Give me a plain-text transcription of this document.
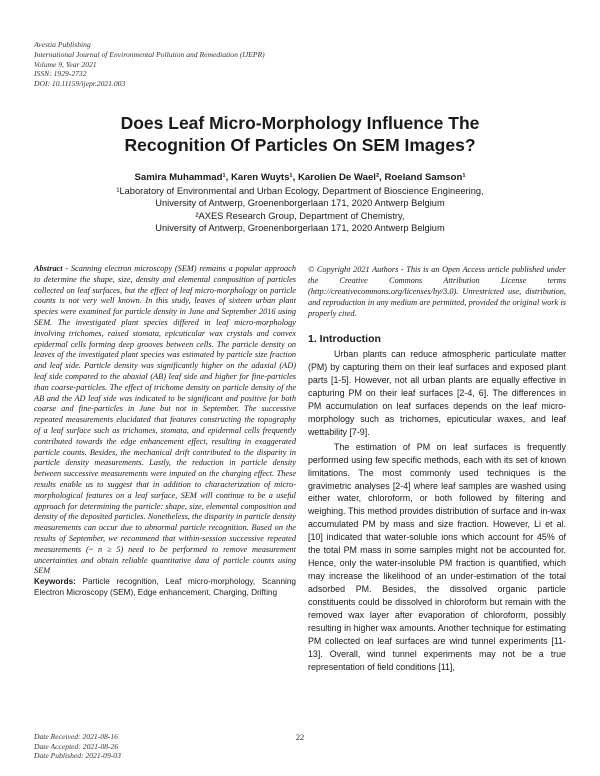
Avestia Publishing
International Journal of Environmental Pollution and Remediation (IJEPR)
Volume 9, Year 2021
ISSN: 1929-2732
DOI: 10.11159/ijepr.2021.003
Does Leaf Micro-Morphology Influence The
Recognition Of Particles On SEM Images?
Samira Muhammad¹, Karen Wuyts¹, Karolien De Wael², Roeland Samson¹
¹Laboratory of Environmental and Urban Ecology, Department of Bioscience Engineering,
University of Antwerp, Groenenborgerlaan 171, 2020 Antwerp Belgium
²AXES Research Group, Department of Chemistry,
University of Antwerp, Groenenborgerlaan 171, 2020 Antwerp Belgium
Abstract - Scanning electron microscopy (SEM) remains a popular approach to determine the shape, size, density and elemental composition of particles collected on leaf surfaces, but the effect of leaf micro-morphology on particle counts is not very well known. In this study, leaves of sixteen urban plant species were examined for particle density in June and September 2016 using SEM. The investigated plant species differed in leaf micro-morphology involving trichomes, raised stomata, epicuticular wax crystals and convex epidermal cells forming deep grooves between cells. The particle density on leaves of the investigated plant species was estimated by particle size fraction and leaf side. Particle density was significantly higher on the adaxial (AD) leaf side compared to the abaxial (AB) leaf side and higher for fine-particles than coarse-particles. The effect of trichome density on particle density of the AB and the AD leaf side was indicated to be significant and positive for both coarse and fine-particles in June but not in September. The successive repeated measurements elucidated that features constructing the topography of a leaf surface such as trichomes, stomata, and epidermal cells frequently contributed towards the edge enhancement effect, resulting in exaggerated particle counts. Besides, the mechanical drift contributed to the disparity in particle density measurements. Lastly, the reduction in particle density between successive measurements were imputed on the charging effect. These results enable us to suggest that in addition to characterization of micro-morphological features on a leaf surface, SEM will continue to be a useful approach for determining the particle: shape, size, elemental composition and density of the deposited particles. Nonetheless, the disparity in particle density measurements can occur due to abnormal particle recognition. Based on the results of September, we recommend that within-session successive repeated measurements (~ n ≥ 5) need to be performed to remove measurement uncertainties and obtain reliable quantitative data of particle counts using SEM
Keywords: Particle recognition, Leaf micro-morphology, Scanning Electron Microscopy (SEM), Edge enhancement, Charging, Drifting
© Copyright 2021 Authors - This is an Open Access article published under the Creative Commons Attribution License terms (http://creativecommons.org/licenses/by/3.0). Unrestricted use, distribution, and reproduction in any medium are permitted, provided the original work is properly cited.
1. Introduction

Urban plants can reduce atmospheric particulate matter (PM) by capturing them on their leaf surfaces and exposed plant parts [1-5]. However, not all urban plants are equally effective in capturing PM on their leaf surfaces [2-4, 6]. The differences in PM accumulation on leaf surfaces depends on the leaf micro-morphology such as trichomes, epicuticular waxes, and leaf wettability [7-9].

The estimation of PM on leaf surfaces is frequently performed using few specific methods, each with its set of known limitations. The most commonly used techniques is the gravimetric analyses [2-4] where leaf samples are washed using either water, chloroform, or both followed by filtering and weighing. This method provides distribution of surface and in-wax accumulated PM by mass and size fraction. However, Li et al. [10] indicated that water-soluble ions which account for 45% of the total PM mass in some samples might not be accounted for. Hence, only the water-insoluble PM fraction is quantified, which may increase the likelihood of an under-estimation of the total adsorbed PM. Besides, the dissolved organic particle constituents could be dissolved in chloroform but remain with the removed wax layer after evaporation of chloroform, possibly resulting in higher wax amounts. Another technique for estimating PM collected on leaf surfaces are wind tunnel experiments [11-13]. Overall, wind tunnel experiments may not be a true representation of field conditions [11],

Date Received: 2021-08-16
Date Accepted: 2021-08-26
Date Published: 2021-09-03
22
